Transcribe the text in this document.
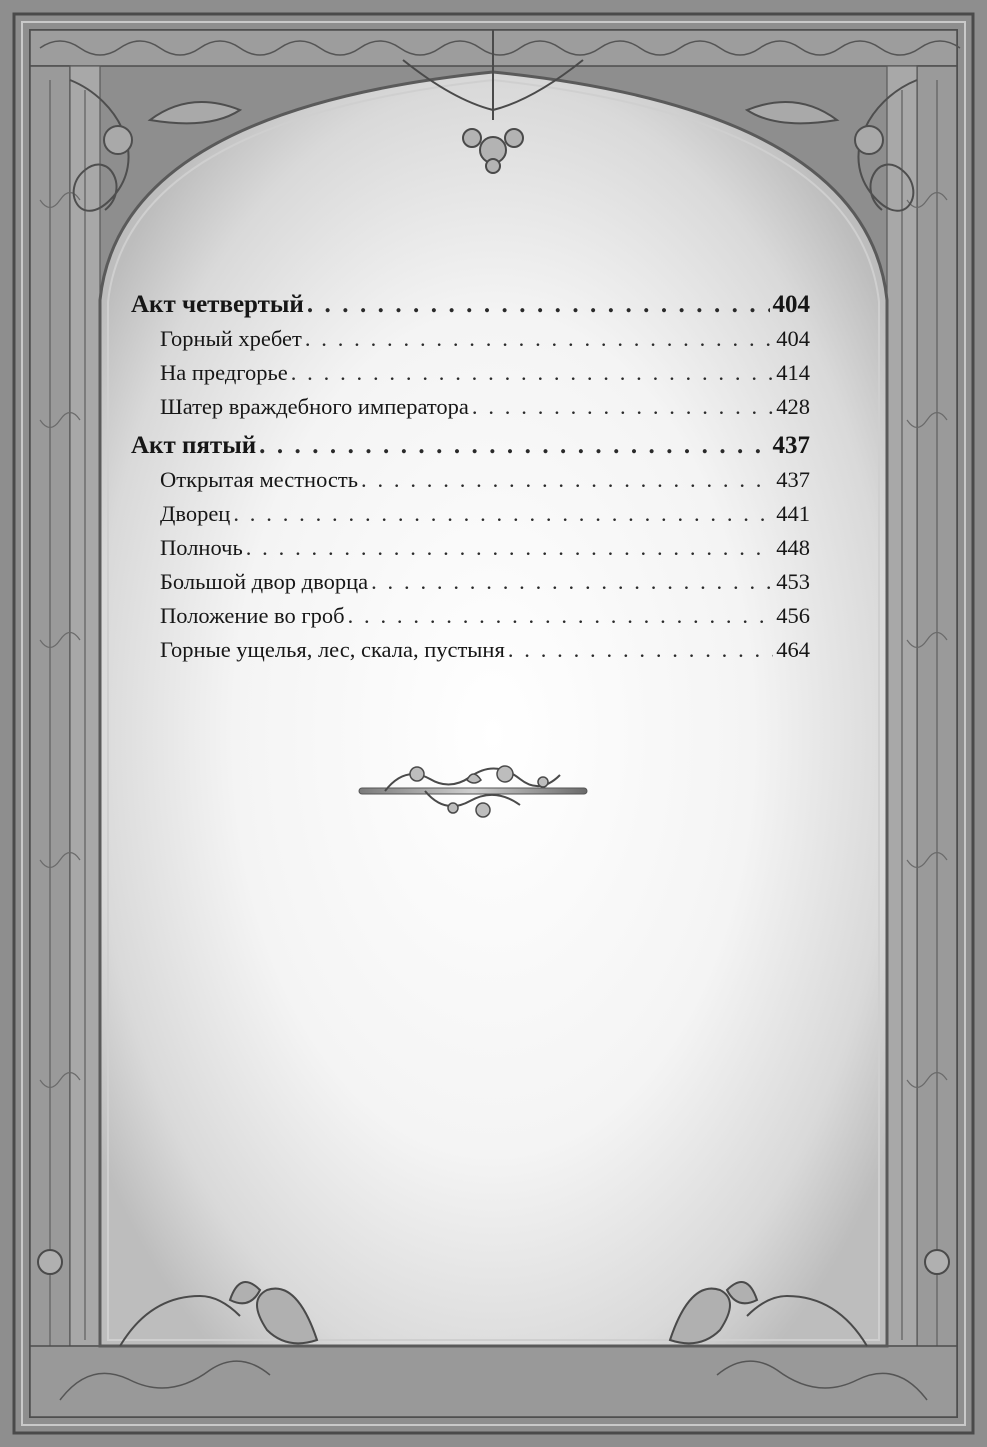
Акт четвертый . . .	404
Горный хребет . . .	404
На предгорье . . .	414
Шатер враждебного императора . . .	428
Акт пятый . . .	437
Открытая местность . . .	437
Дворец . . .	441
Полночь . . .	448
Большой двор дворца . . .	453
Положение во гроб . . .	456
Горные ущелья, лес, скала, пустыня . . .	464
